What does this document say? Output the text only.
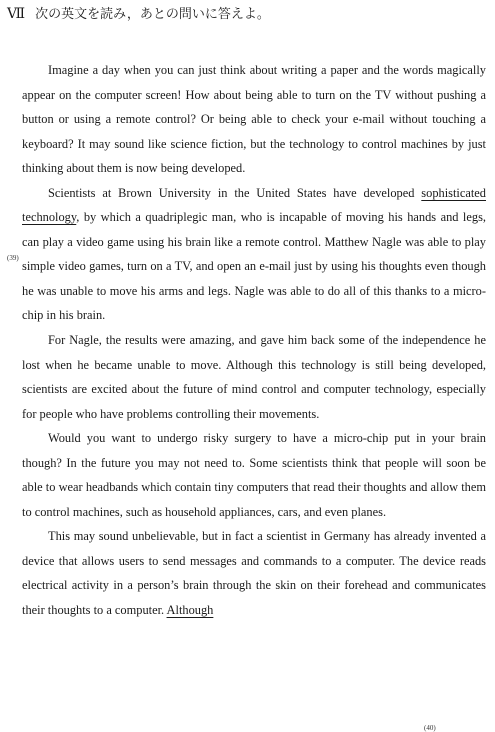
Ⅶ 次の英文を読み，あとの問いに答えよ。

Imagine a day when you can just think about writing a paper and the words magically appear on the computer screen! How about being able to turn on the TV without pushing a button or using a remote control? Or being able to check your e-mail without touching a keyboard? It may sound like science fiction, but the technology to control machines by just thinking about them is now being developed.

Scientists at Brown University in the United States have developed sophisticated technology, by which a quadriplegic man, who is incapable of moving his hands and legs, can play a video game using his brain like a remote control. Matthew Nagle was able to play simple video games, turn on a TV, and open an e-mail just by using his thoughts even though he was unable to move his arms and legs. Nagle was able to do all of this thanks to a micro-chip in his brain.

For Nagle, the results were amazing, and gave him back some of the independence he lost when he became unable to move. Although this technology is still being developed, scientists are excited about the future of mind control and computer technology, especially for people who have problems controlling their movements.

Would you want to undergo risky surgery to have a micro-chip put in your brain though? In the future you may not need to. Some scientists think that people will soon be able to wear headbands which contain tiny computers that read their thoughts and allow them to control machines, such as household appliances, cars, and even planes.

This may sound unbelievable, but in fact a scientist in Germany has already invented a device that allows users to send messages and commands to a computer. The device reads electrical activity in a person’s brain through the skin on their forehead and communicates their thoughts to a computer. Although

(39)
(40)
